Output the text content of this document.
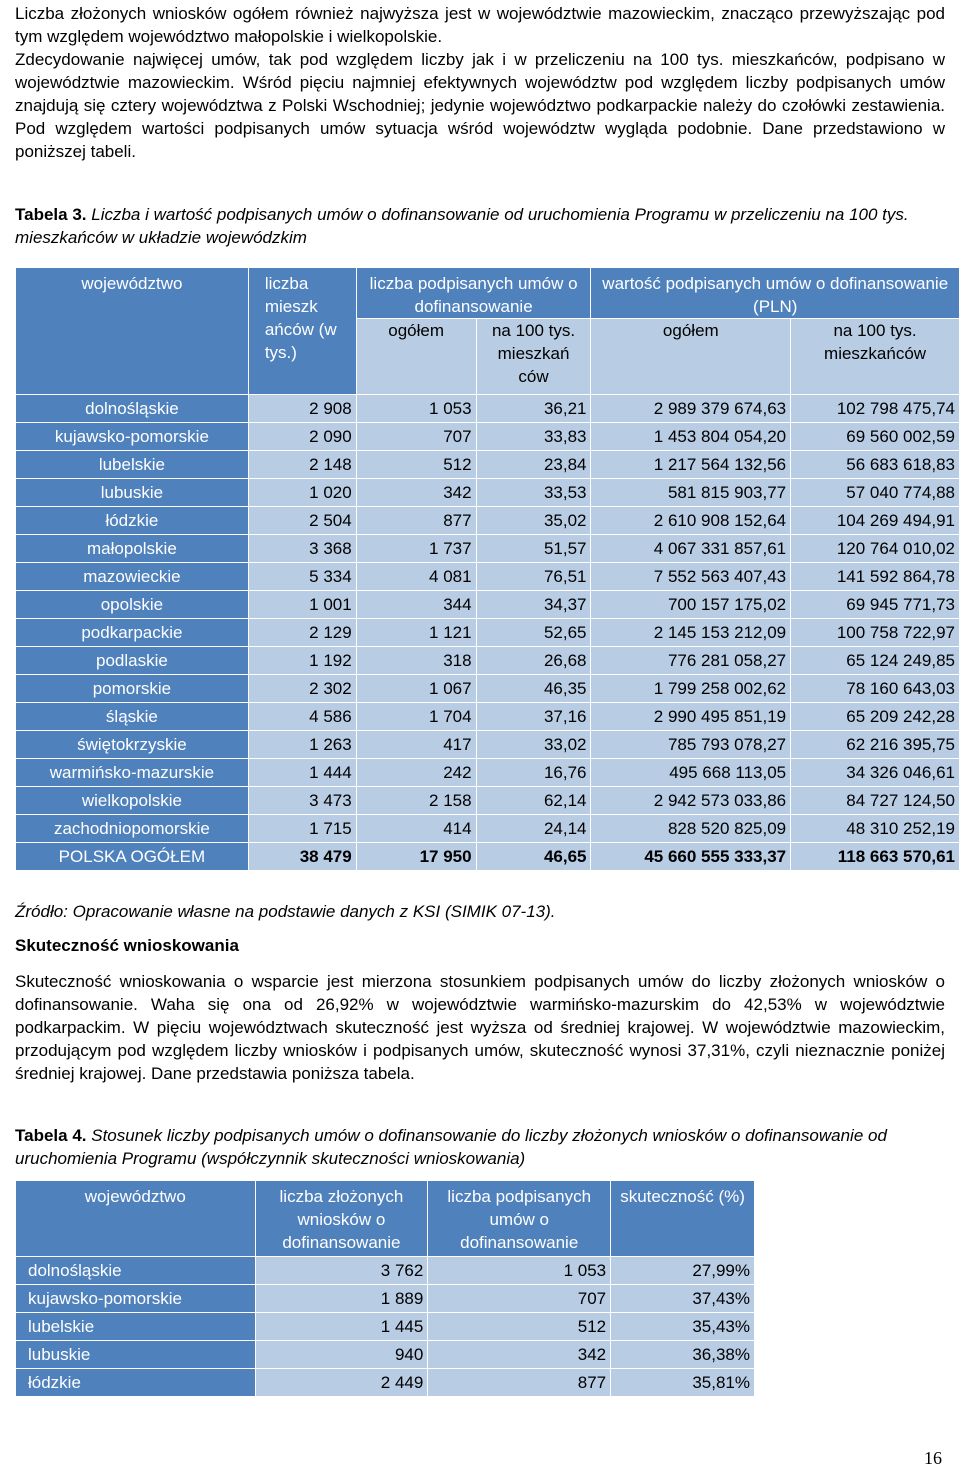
Liczba złożonych wniosków ogółem również najwyższa jest w województwie mazowieckim, znacząco przewyższając pod tym względem województwo małopolskie i wielkopolskie.

Zdecydowanie najwięcej umów, tak pod względem liczby jak i w przeliczeniu na 100 tys. mieszkańców, podpisano w województwie mazowieckim. Wśród pięciu najmniej efektywnych województw pod względem liczby podpisanych umów znajdują się cztery województwa z Polski Wschodniej; jedynie województwo podkarpackie należy do czołówki zestawienia. Pod względem wartości podpisanych umów sytuacja wśród województw wygląda podobnie. Dane przedstawiono w poniższej tabeli.

Tabela 3. Liczba i wartość podpisanych umów o dofinansowanie od uruchomienia Programu w przeliczeniu na 100 tys. mieszkańców w układzie wojewódzkim

województwo	liczba mieszk ańców (w tys.)	liczba podpisanych umów o dofinansowanie		wartość podpisanych umów o dofinansowanie (PLN)	
		ogółem	na 100 tys. mieszkań ców	ogółem	na 100 tys. mieszkańców
dolnośląskie	2 908	1 053	36,21	2 989 379 674,63	102 798 475,74
kujawsko-pomorskie	2 090	707	33,83	1 453 804 054,20	69 560 002,59
lubelskie	2 148	512	23,84	1 217 564 132,56	56 683 618,83
lubuskie	1 020	342	33,53	581 815 903,77	57 040 774,88
łódzkie	2 504	877	35,02	2 610 908 152,64	104 269 494,91
małopolskie	3 368	1 737	51,57	4 067 331 857,61	120 764 010,02
mazowieckie	5 334	4 081	76,51	7 552 563 407,43	141 592 864,78
opolskie	1 001	344	34,37	700 157 175,02	69 945 771,73
podkarpackie	2 129	1 121	52,65	2 145 153 212,09	100 758 722,97
podlaskie	1 192	318	26,68	776 281 058,27	65 124 249,85
pomorskie	2 302	1 067	46,35	1 799 258 002,62	78 160 643,03
śląskie	4 586	1 704	37,16	2 990 495 851,19	65 209 242,28
świętokrzyskie	1 263	417	33,02	785 793 078,27	62 216 395,75
warmińsko-mazurskie	1 444	242	16,76	495 668 113,05	34 326 046,61
wielkopolskie	3 473	2 158	62,14	2 942 573 033,86	84 727 124,50
zachodniopomorskie	1 715	414	24,14	828 520 825,09	48 310 252,19
POLSKA OGÓŁEM	38 479	17 950	46,65	45 660 555 333,37	118 663 570,61
Źródło: Opracowanie własne na podstawie danych z KSI (SIMIK 07-13).
Skuteczność wnioskowania

Skuteczność wnioskowania o wsparcie jest mierzona stosunkiem podpisanych umów do liczby złożonych wniosków o dofinansowanie. Waha się ona od 26,92% w województwie warmińsko-mazurskim do 42,53% w województwie podkarpackim. W pięciu województwach skuteczność jest wyższa od średniej krajowej. W województwie mazowieckim, przodującym pod względem liczby wniosków i podpisanych umów, skuteczność wynosi 37,31%, czyli nieznacznie poniżej średniej krajowej. Dane przedstawia poniższa tabela.

Tabela 4. Stosunek liczby podpisanych umów o dofinansowanie do liczby złożonych wniosków o dofinansowanie od uruchomienia Programu (współczynnik skuteczności wnioskowania)

województwo	liczba złożonych wniosków o dofinansowanie	liczba podpisanych umów o dofinansowanie	skuteczność (%)
dolnośląskie	3 762	1 053	27,99%
kujawsko-pomorskie	1 889	707	37,43%
lubelskie	1 445	512	35,43%
lubuskie	940	342	36,38%
łódzkie	2 449	877	35,81%
16
